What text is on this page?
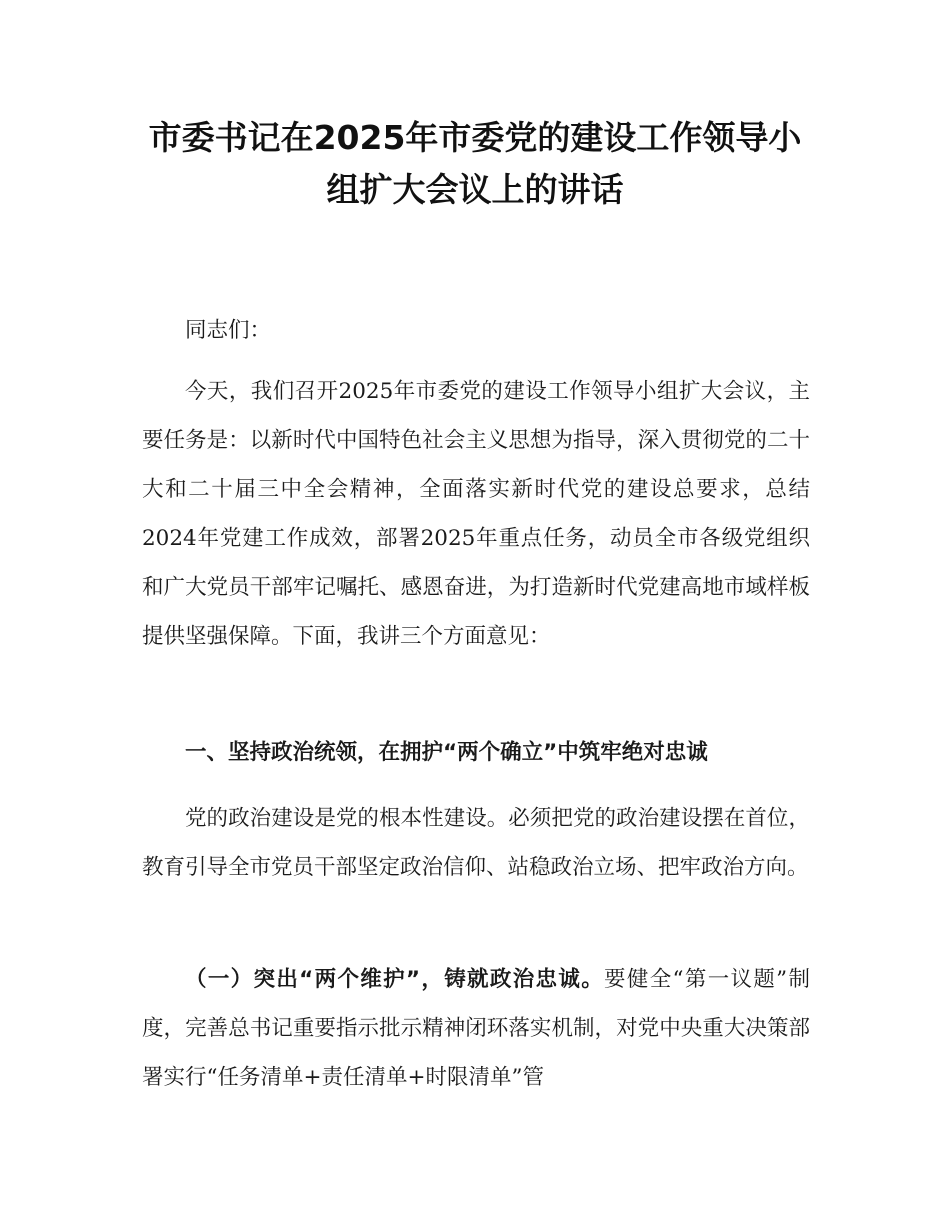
市委书记在2025年市委党的建设工作领导小组扩大会议上的讲话

同志们：

今天，我们召开2025年市委党的建设工作领导小组扩大会议，主要任务是：以新时代中国特色社会主义思想为指导，深入贯彻党的二十大和二十届三中全会精神，全面落实新时代党的建设总要求，总结2024年党建工作成效，部署2025年重点任务，动员全市各级党组织和广大党员干部牢记嘱托、感恩奋进，为打造新时代党建高地市域样板提供坚强保障。下面，我讲三个方面意见：

一、坚持政治统领，在拥护“两个确立”中筑牢绝对忠诚

党的政治建设是党的根本性建设。必须把党的政治建设摆在首位，教育引导全市党员干部坚定政治信仰、站稳政治立场、把牢政治方向。

（一）突出“两个维护”，铸就政治忠诚。要健全“第一议题”制度，完善总书记重要指示批示精神闭环落实机制，对党中央重大决策部署实行“任务清单+责任清单+时限清单”管
